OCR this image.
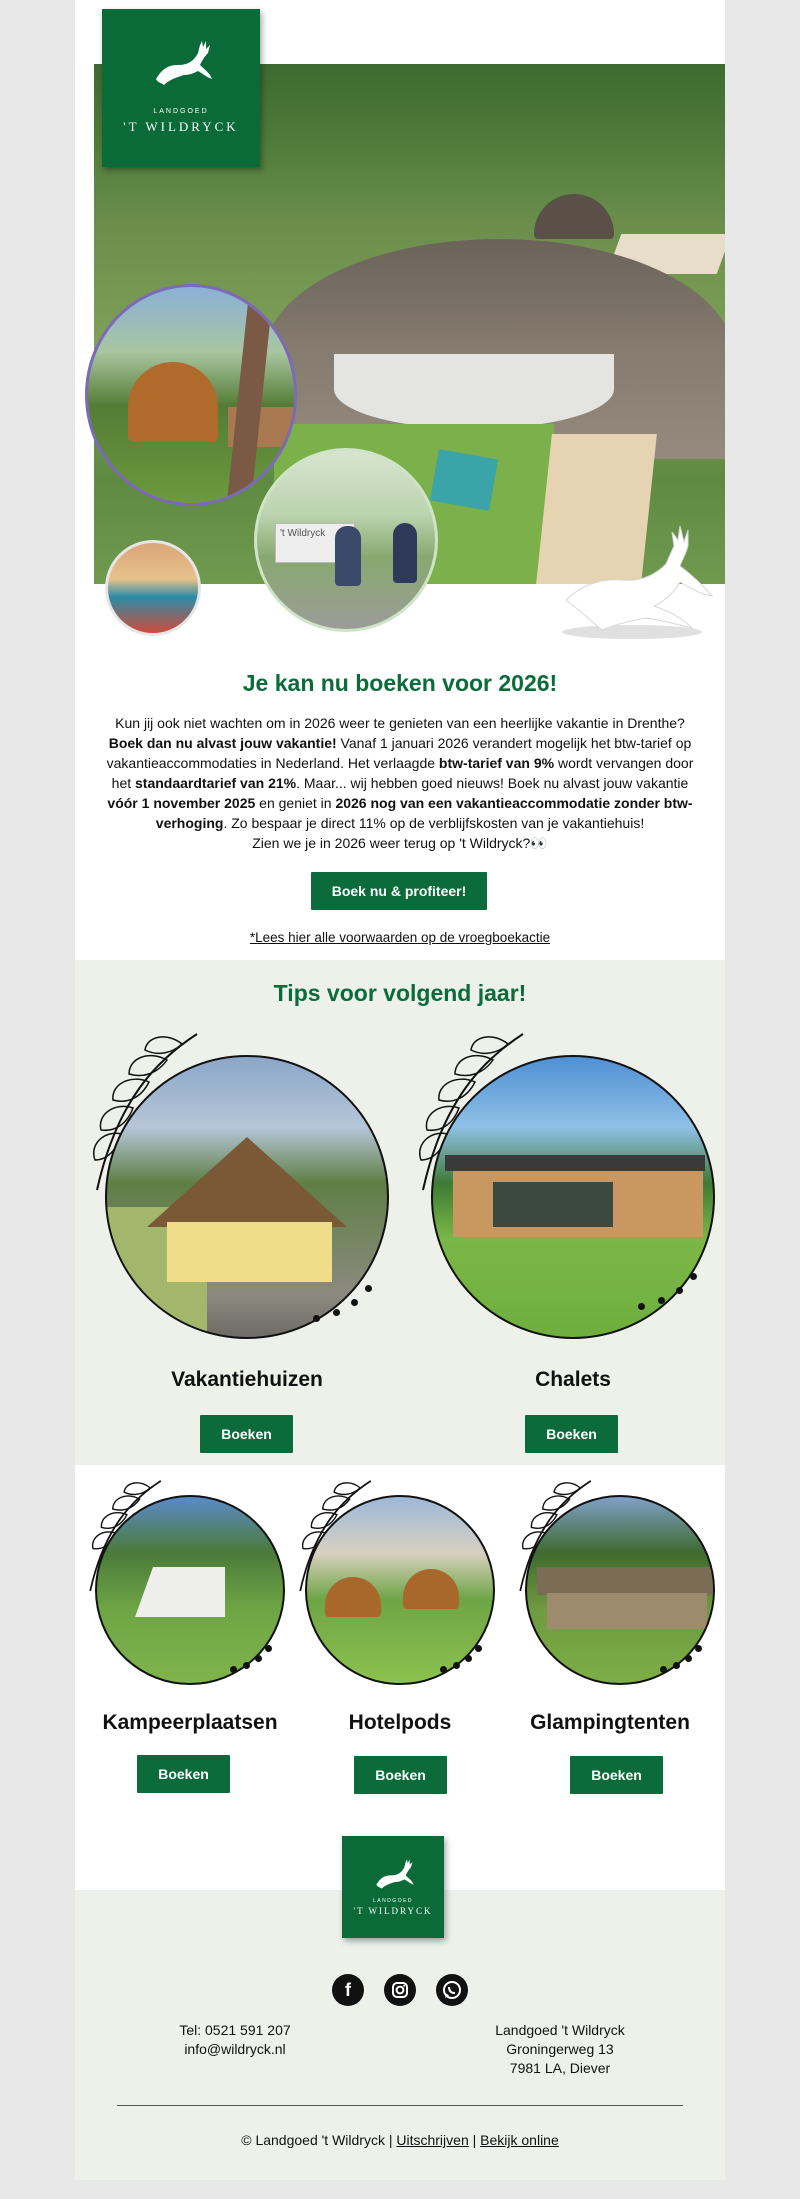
LANDGOED
'T WILDRYCK
't Wildryck
Je kan nu boeken voor 2026!
Kun jij ook niet wachten om in 2026 weer te genieten van een heerlijke vakantie in Drenthe?
Boek dan nu alvast jouw vakantie! Vanaf 1 januari 2026 verandert mogelijk het btw-tarief op vakantieaccommodaties in Nederland. Het verlaagde btw-tarief van 9% wordt vervangen door het standaardtarief van 21%. Maar... wij hebben goed nieuws! Boek nu alvast jouw vakantie vóór 1 november 2025 en geniet in 2026 nog van een vakantieaccommodatie zonder btw-verhoging. Zo bespaar je direct 11% op de verblijfskosten van je vakantiehuis!
Zien we je in 2026 weer terug op 't Wildryck?👀
Boek nu & profiteer!
*Lees hier alle voorwaarden op de vroegboekactie
Tips voor volgend jaar!
Vakantiehuizen
Boeken
Chalets
Boeken
Kampeerplaatsen
Boeken
Hotelpods
Boeken
Glampingtenten
Boeken
LANDGOED
'T WILDRYCK
f
Tel: 0521 591 207
info@wildryck.nl
Landgoed 't Wildryck
Groningerweg 13
7981 LA, Diever
© Landgoed 't Wildryck | Uitschrijven | Bekijk online
